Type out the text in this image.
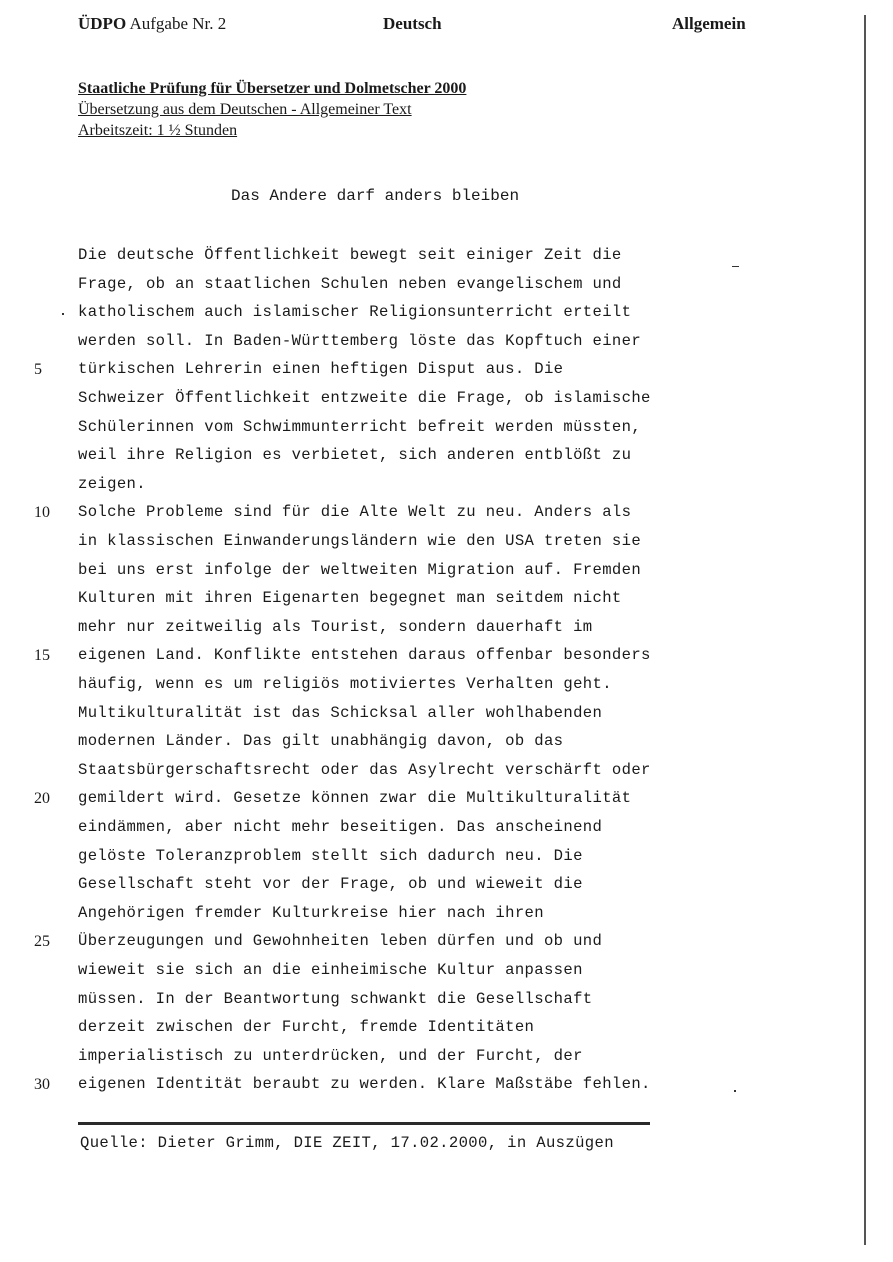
ÜDPO Aufgabe Nr. 2	Deutsch	Allgemein
Staatliche Prüfung für Übersetzer und Dolmetscher 2000
Übersetzung aus dem Deutschen - Allgemeiner Text
Arbeitszeit: 1 ½ Stunden
Das Andere darf anders bleiben
Die deutsche Öffentlichkeit bewegt seit einiger Zeit die
Frage, ob an staatlichen Schulen neben evangelischem und
katholischem auch islamischer Religionsunterricht erteilt
werden soll. In Baden-Württemberg löste das Kopftuch einer
türkischen Lehrerin einen heftigen Disput aus. Die
Schweizer Öffentlichkeit entzweite die Frage, ob islamische
Schülerinnen vom Schwimmunterricht befreit werden müssten,
weil ihre Religion es verbietet, sich anderen entblößt zu
zeigen.
Solche Probleme sind für die Alte Welt zu neu. Anders als
in klassischen Einwanderungsländern wie den USA treten sie
bei uns erst infolge der weltweiten Migration auf. Fremden
Kulturen mit ihren Eigenarten begegnet man seitdem nicht
mehr nur zeitweilig als Tourist, sondern dauerhaft im
eigenen Land. Konflikte entstehen daraus offenbar besonders
häufig, wenn es um religiös motiviertes Verhalten geht.
Multikulturalität ist das Schicksal aller wohlhabenden
modernen Länder. Das gilt unabhängig davon, ob das
Staatsbürgerschaftsrecht oder das Asylrecht verschärft oder
gemildert wird. Gesetze können zwar die Multikulturalität
eindämmen, aber nicht mehr beseitigen. Das anscheinend
gelöste Toleranzproblem stellt sich dadurch neu. Die
Gesellschaft steht vor der Frage, ob und wieweit die
Angehörigen fremder Kulturkreise hier nach ihren
Überzeugungen und Gewohnheiten leben dürfen und ob und
wieweit sie sich an die einheimische Kultur anpassen
müssen. In der Beantwortung schwankt die Gesellschaft
derzeit zwischen der Furcht, fremde Identitäten
imperialistisch zu unterdrücken, und der Furcht, der
eigenen Identität beraubt zu werden. Klare Maßstäbe fehlen.
5
10
15
20
25
30
Quelle: Dieter Grimm, DIE ZEIT, 17.02.2000, in Auszügen
